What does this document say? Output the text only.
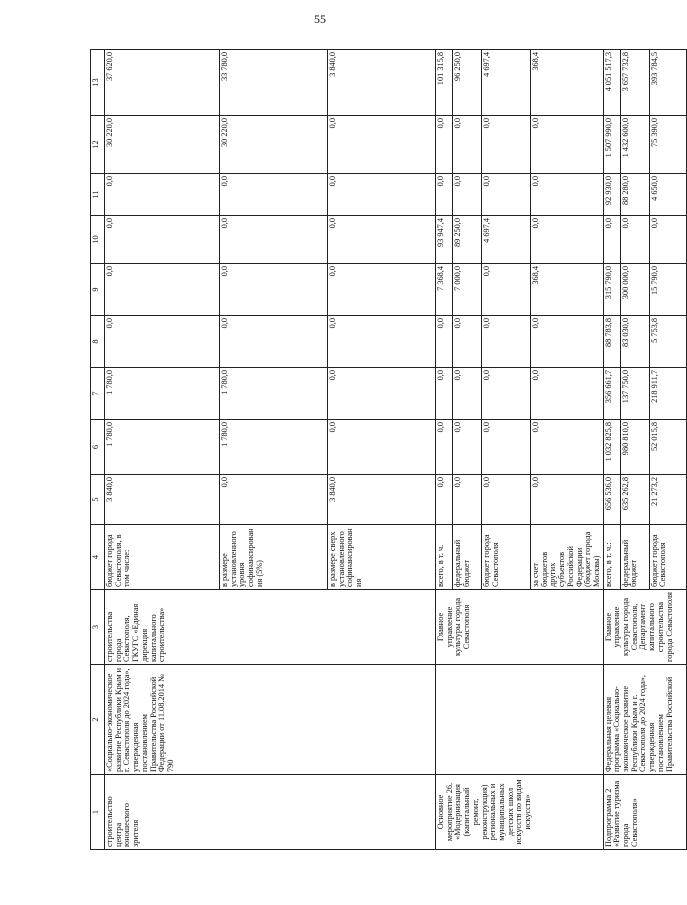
55
1	2	3	4	5	6	7	8	9	10	11	12	13
строительство центра юношеского зрителя	«Социально-экономическое развитие Республики Крым и г. Севастополя до 2024 года», утвержденная постановлением Правительства Российской Федерации от 11.08.2014 № 790	строительства города Севастополя, ГКУГС «Единая дирекция капитального строительства»	бюджет города Севастополя, в том числе:	3 840,0	1 780,0	1 780,0	0,0	0,0	0,0	0,0	30 220,0	37 620,0
			в размере установленного уровня софинансирования (5%)	0,0	1 780,0	1 780,0	0,0	0,0	0,0	0,0	30 220,0	33 780,0
			в размере сверх установленного софинансирования	3 840,0	0,0	0,0	0,0	0,0	0,0	0,0	0,0	3 840,0
Основное мероприятие 26. «Модернизация (капитальный ремонт, реконструкция) региональных и муниципальных детских школ искусств по видам искусств»		Главное управление культуры города Севастополя	всего, в т. ч.	0,0	0,0	0,0	0,0	7 368,4	93 947,4	0,0	0,0	101 315,8
			федеральный бюджет	0,0	0,0	0,0	0,0	7 000,0	89 250,0	0,0	0,0	96 250,0
			бюджет города Севастополя	0,0	0,0	0,0	0,0	0,0	4 697,4	0,0	0,0	4 697,4
			за счет бюджетов других субъектов Российской Федерации (бюджет города Москвы)	0,0	0,0	0,0	0,0	368,4	0,0	0,0	0,0	368,4
Подпрограмма 2 «Развитие туризма города Севастополя»	Федеральная целевая программа «Социально-экономическое развитие Республики Крым и г. Севастополя до 2024 года», утвержденная постановлением Правительства Российской	Главное управление культуры города Севастополя, Департамент капитального строительства города Севастополя	всего, в т. ч.:	656 536,0	1 032 825,8	356 661,7	88 783,8	315 790,0	0,0	92 930,0	1 507 990,0	4 051 517,3
			федеральный бюджет	635 262,8	980 810,0	137 750,0	83 030,0	300 000,0	0,0	88 280,0	1 432 600,0	3 657 732,8
			бюджет города Севастополя	21 273,2	52 015,8	218 911,7	5 753,8	15 790,0	0,0	4 650,0	75 390,0	393 784,5
